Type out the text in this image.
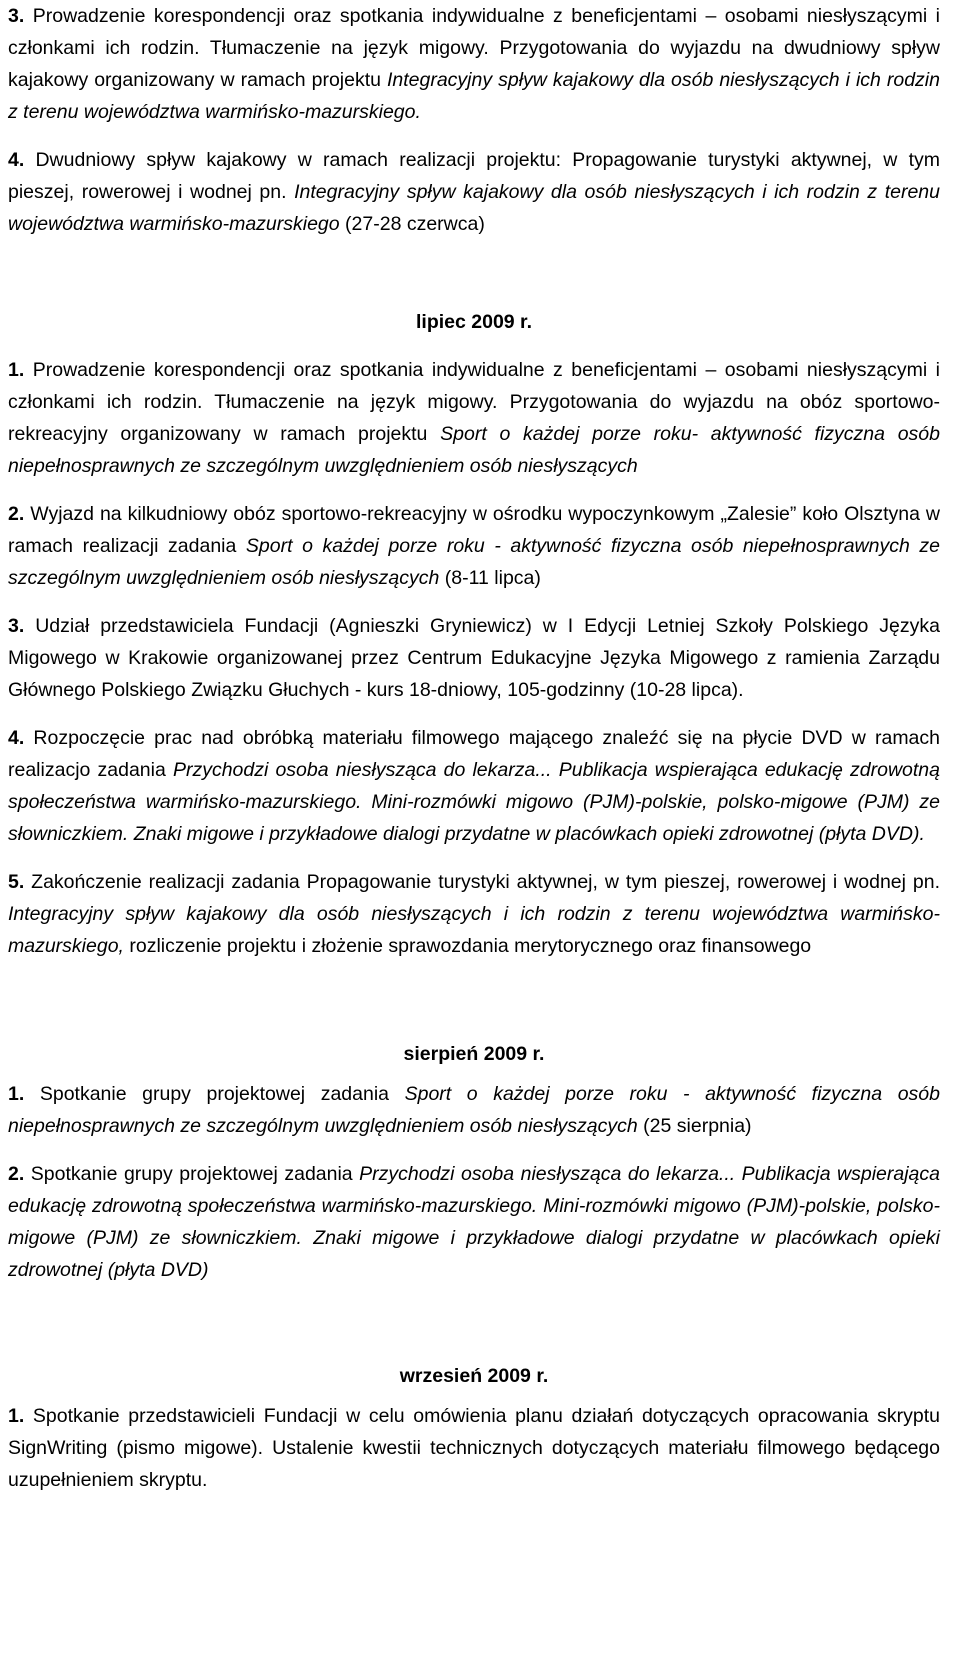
3. Prowadzenie korespondencji oraz spotkania indywidualne z beneficjentami – osobami niesłyszącymi i członkami ich rodzin. Tłumaczenie na język migowy. Przygotowania do wyjazdu na dwudniowy spływ kajakowy organizowany w ramach projektu Integracyjny spływ kajakowy dla osób niesłyszących i ich rodzin z terenu województwa warmińsko-mazurskiego.

4. Dwudniowy spływ kajakowy w ramach realizacji projektu: Propagowanie turystyki aktywnej, w tym pieszej, rowerowej i wodnej pn. Integracyjny spływ kajakowy dla osób niesłyszących i ich rodzin z terenu województwa warmińsko-mazurskiego (27-28 czerwca)

lipiec 2009 r.

1. Prowadzenie korespondencji oraz spotkania indywidualne z beneficjentami – osobami niesłyszącymi i członkami ich rodzin. Tłumaczenie na język migowy. Przygotowania do wyjazdu na obóz sportowo-rekreacyjny organizowany w ramach projektu Sport o każdej porze roku- aktywność fizyczna osób niepełnosprawnych ze szczególnym uwzględnieniem osób niesłyszących

2. Wyjazd na kilkudniowy obóz sportowo-rekreacyjny w ośrodku wypoczynkowym „Zalesie” koło Olsztyna w ramach realizacji zadania Sport o każdej porze roku - aktywność fizyczna osób niepełnosprawnych ze szczególnym uwzględnieniem osób niesłyszących (8-11 lipca)

3. Udział przedstawiciela Fundacji (Agnieszki Gryniewicz) w I Edycji Letniej Szkoły Polskiego Języka Migowego w Krakowie organizowanej przez Centrum Edukacyjne Języka Migowego z ramienia Zarządu Głównego Polskiego Związku Głuchych - kurs 18-dniowy, 105-godzinny (10-28 lipca).

4. Rozpoczęcie prac nad obróbką materiału filmowego mającego znaleźć się na płycie DVD w ramach realizacjo zadania Przychodzi osoba niesłysząca do lekarza... Publikacja wspierająca edukację zdrowotną społeczeństwa warmińsko-mazurskiego. Mini-rozmówki migowo (PJM)-polskie, polsko-migowe (PJM) ze słowniczkiem. Znaki migowe i przykładowe dialogi przydatne w placówkach opieki zdrowotnej (płyta DVD).

5. Zakończenie realizacji zadania Propagowanie turystyki aktywnej, w tym pieszej, rowerowej i wodnej pn. Integracyjny spływ kajakowy dla osób niesłyszących i ich rodzin z terenu województwa warmińsko-mazurskiego, rozliczenie projektu i złożenie sprawozdania merytorycznego oraz finansowego

sierpień 2009 r.

1. Spotkanie grupy projektowej zadania Sport o każdej porze roku - aktywność fizyczna osób niepełnosprawnych ze szczególnym uwzględnieniem osób niesłyszących (25 sierpnia)

2. Spotkanie grupy projektowej zadania Przychodzi osoba niesłysząca do lekarza... Publikacja wspierająca edukację zdrowotną społeczeństwa warmińsko-mazurskiego. Mini-rozmówki migowo (PJM)-polskie, polsko-migowe (PJM) ze słowniczkiem. Znaki migowe i przykładowe dialogi przydatne w placówkach opieki zdrowotnej (płyta DVD)

wrzesień 2009 r.

1. Spotkanie przedstawicieli Fundacji w celu omówienia planu działań dotyczących opracowania skryptu SignWriting (pismo migowe). Ustalenie kwestii technicznych dotyczących materiału filmowego będącego uzupełnieniem skryptu.
